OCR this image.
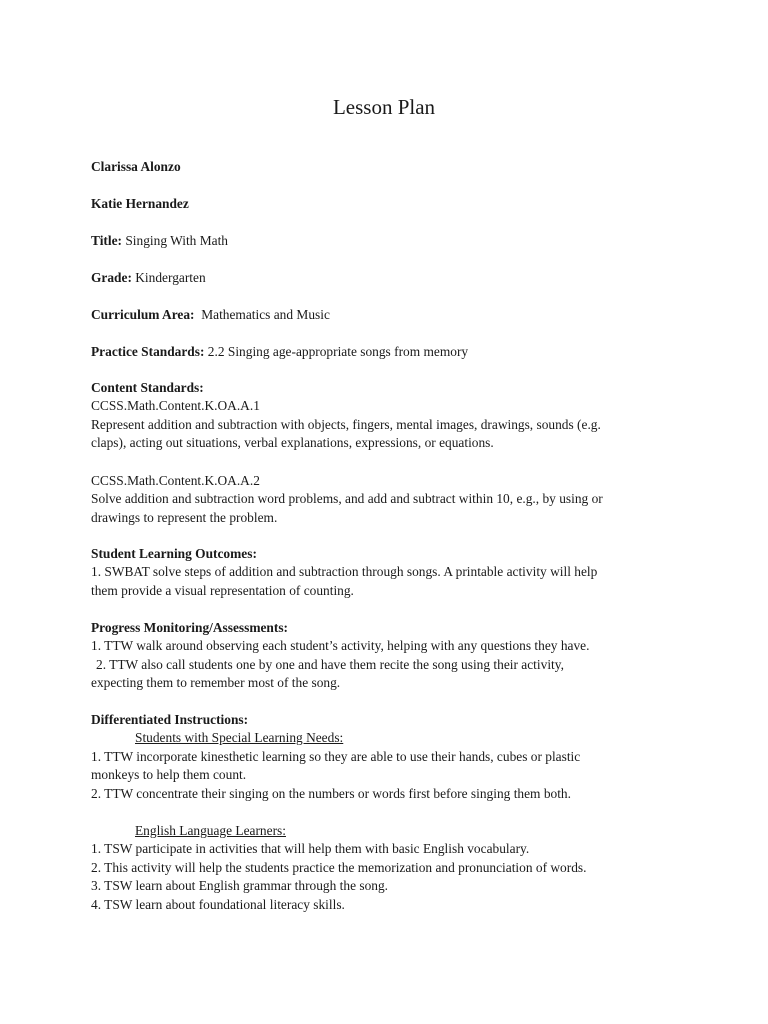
Lesson Plan

Clarissa Alonzo

Katie Hernandez

Title: Singing With Math

Grade: Kindergarten

Curriculum Area: Mathematics and Music

Practice Standards: 2.2 Singing age-appropriate songs from memory

Content Standards:

CCSS.Math.Content.K.OA.A.1

Represent addition and subtraction with objects, fingers, mental images, drawings, sounds (e.g.

claps), acting out situations, verbal explanations, expressions, or equations.

CCSS.Math.Content.K.OA.A.2

Solve addition and subtraction word problems, and add and subtract within 10, e.g., by using or

drawings to represent the problem.

Student Learning Outcomes:

1. SWBAT solve steps of addition and subtraction through songs. A printable activity will help

them provide a visual representation of counting.

Progress Monitoring/Assessments:

1. TTW walk around observing each student’s activity, helping with any questions they have.

2. TTW also call students one by one and have them recite the song using their activity,

expecting them to remember most of the song.

Differentiated Instructions:

Students with Special Learning Needs:

1. TTW incorporate kinesthetic learning so they are able to use their hands, cubes or plastic

monkeys to help them count.

2. TTW concentrate their singing on the numbers or words first before singing them both.

English Language Learners:

1. TSW participate in activities that will help them with basic English vocabulary.

2. This activity will help the students practice the memorization and pronunciation of words.

3. TSW learn about English grammar through the song.

4. TSW learn about foundational literacy skills.
